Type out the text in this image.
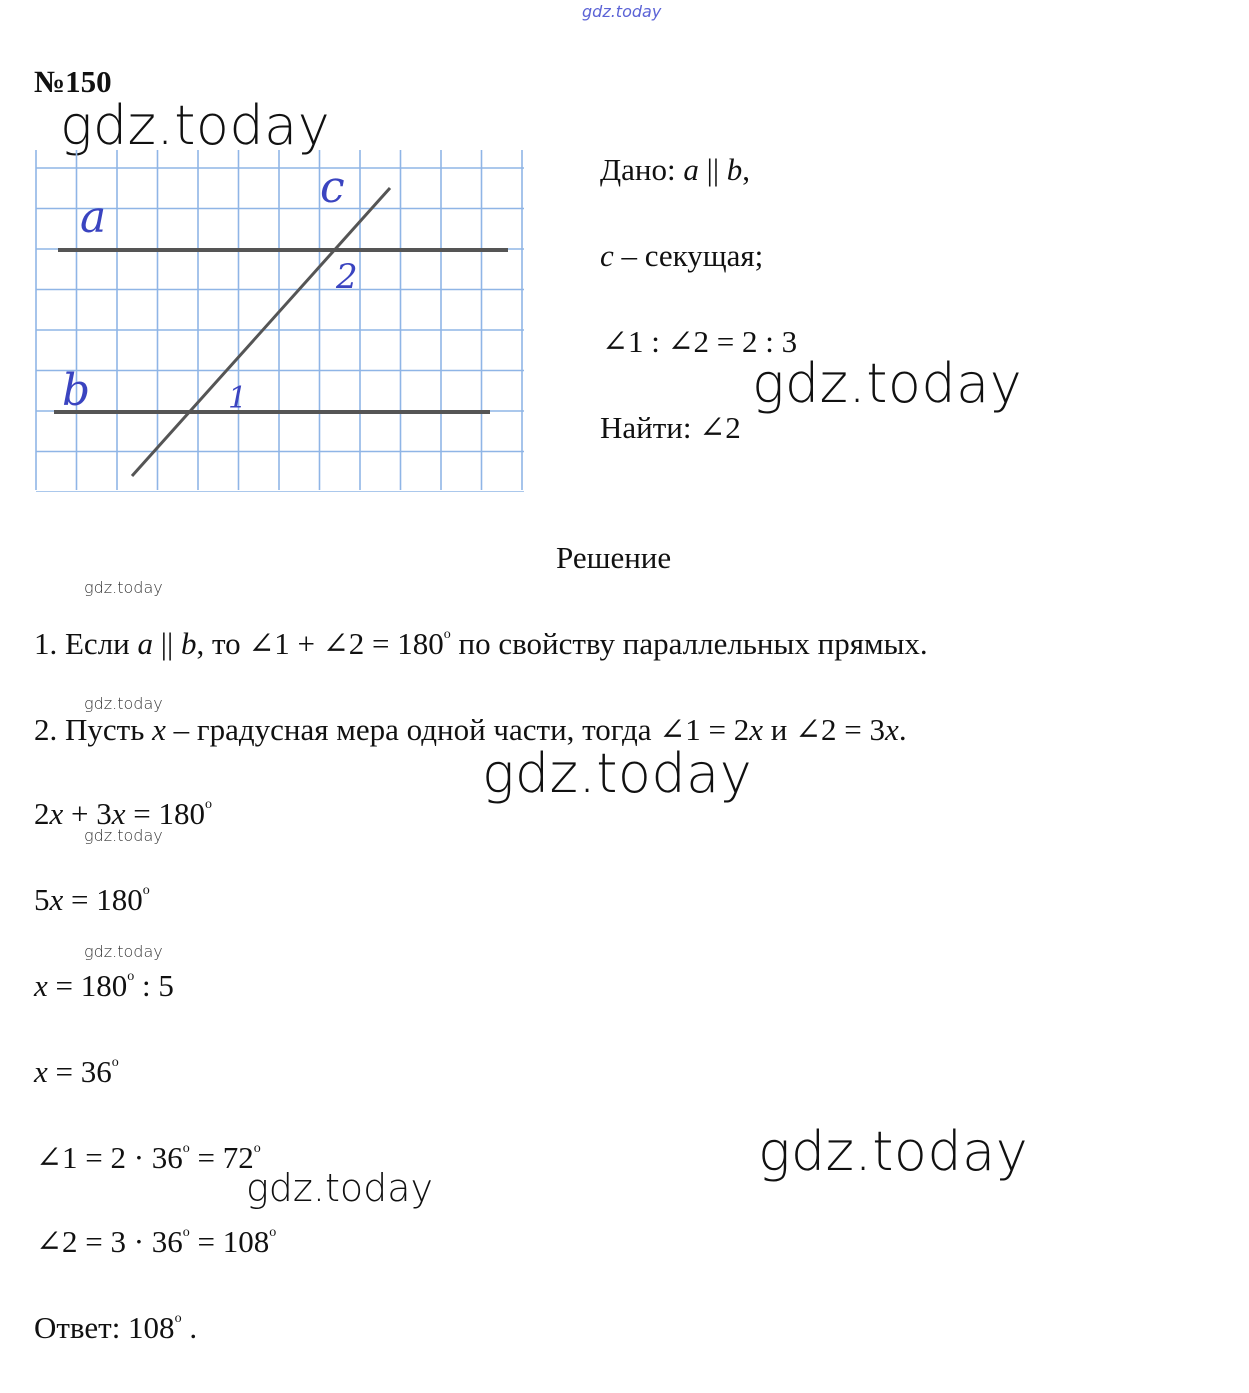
gdz.today
№150
gdz.today
a
b
c
1
2
Дано: a || b,
c – секущая;
∠1 : ∠2 = 2 : 3
Найти: ∠2
gdz.today
Решение
gdz.today
1. Если a || b, то ∠1 + ∠2 = $180^o$ по свойству параллельных прямых.
gdz.today
2. Пусть x – градусная мера одной части, тогда ∠1 = 2x и ∠2 = 3x.
gdz.today
$2x + 3x = 180^o$
gdz.today
$5x = 180^o$
gdz.today
$x = 180^o$ : 5
$x = 36^o$
∠1 = $2 \cdot 36^o = 72^o$	gdz.today
gdz.today
∠2 = $3 \cdot 36^o = 108^o$
Ответ: 108$^o$ .
